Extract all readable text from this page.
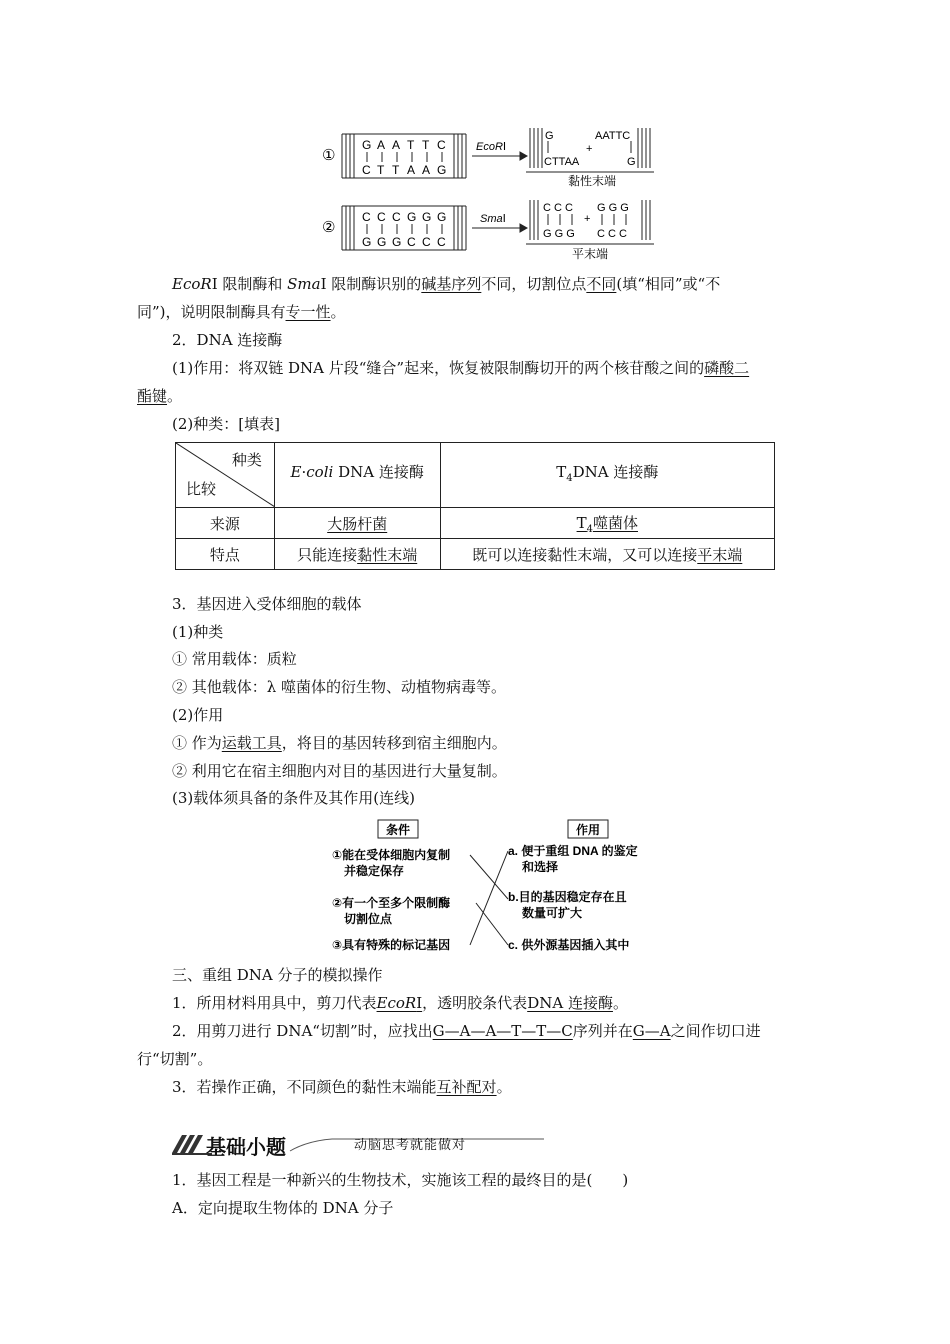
①
G A A T T C
C T T A A G
EcoRⅠ
G
CTTAA
+
AATTC
G
黏性末端
②
C C C G G G
G G G C C C
SmaⅠ
C C C
G G G
+
G G G
C C C
平末端
EcoRⅠ 限制酶和 SmaⅠ 限制酶识别的碱基序列不同，切割位点不同(填“相同”或“不
同”)，说明限制酶具有专一性。
2．DNA 连接酶
(1)作用：将双链 DNA 片段“缝合”起来，恢复被限制酶切开的两个核苷酸之间的磷酸二
酯键。
(2)种类：[填表]
种类
比较	E·coli DNA 连接酶	$T_4DNA$ 连接酶
来源	大肠杆菌	$T_4$噬菌体
特点	只能连接黏性末端	既可以连接黏性末端，又可以连接平末端
3．基因进入受体细胞的载体
(1)种类
① 常用载体：质粒
② 其他载体：λ 噬菌体的衍生物、动植物病毒等。
(2)作用
① 作为运载工具，将目的基因转移到宿主细胞内。
② 利用它在宿主细胞内对目的基因进行大量复制。
(3)载体须具备的条件及其作用(连线)
条件	作用
①能在受体细胞内复制
并稳定保存
②有一个至多个限制酶
切割位点
③具有特殊的标记基因
a. 便于重组 DNA 的鉴定
和选择
b.目的基因稳定存在且
数量可扩大
c. 供外源基因插入其中
三、重组 DNA 分子的模拟操作
1．所用材料用具中，剪刀代表EcoRⅠ，透明胶条代表DNA 连接酶。
2．用剪刀进行 DNA“切割”时，应找出G—A—A—T—T—C序列并在G—A之间作切口进
行“切割”。
3．若操作正确，不同颜色的黏性末端能互补配对。
基础小题	动脑思考就能做对
1．基因工程是一种新兴的生物技术，实施该工程的最终目的是(　　)
A．定向提取生物体的 DNA 分子
